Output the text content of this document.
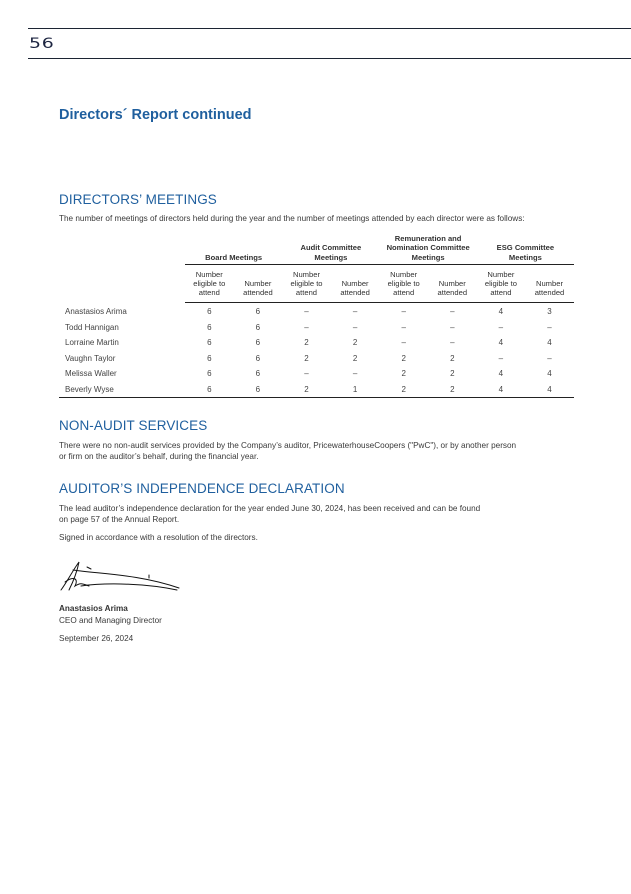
56
Directors´ Report continued
DIRECTORS’ MEETINGS
The number of meetings of directors held during the year and the number of meetings attended by each director were as follows:
Board Meetings
Audit Committee Meetings
Remuneration and Nomination Committee Meetings
ESG Committee Meetings
Number eligible to attend
Number attended
Number eligible to attend
Number attended
Number eligible to attend
Number attended
Number eligible to attend
Number attended
Anastasios Arima	6	6	–	–	–	–	4	3
Todd Hannigan	6	6	–	–	–	–	–	–
Lorraine Martin	6	6	2	2	–	–	4	4
Vaughn Taylor	6	6	2	2	2	2	–	–
Melissa Waller	6	6	–	–	2	2	4	4
Beverly Wyse	6	6	2	1	2	2	4	4
NON-AUDIT SERVICES
There were no non-audit services provided by the Company’s auditor, PricewaterhouseCoopers ("PwC"), or by another person
or firm on the auditor’s behalf, during the financial year.
AUDITOR’S INDEPENDENCE DECLARATION
The lead auditor’s independence declaration for the year ended June 30, 2024, has been received and can be found
on page 57 of the Annual Report.
Signed in accordance with a resolution of the directors.
Anastasios Arima
CEO and Managing Director
September 26, 2024
